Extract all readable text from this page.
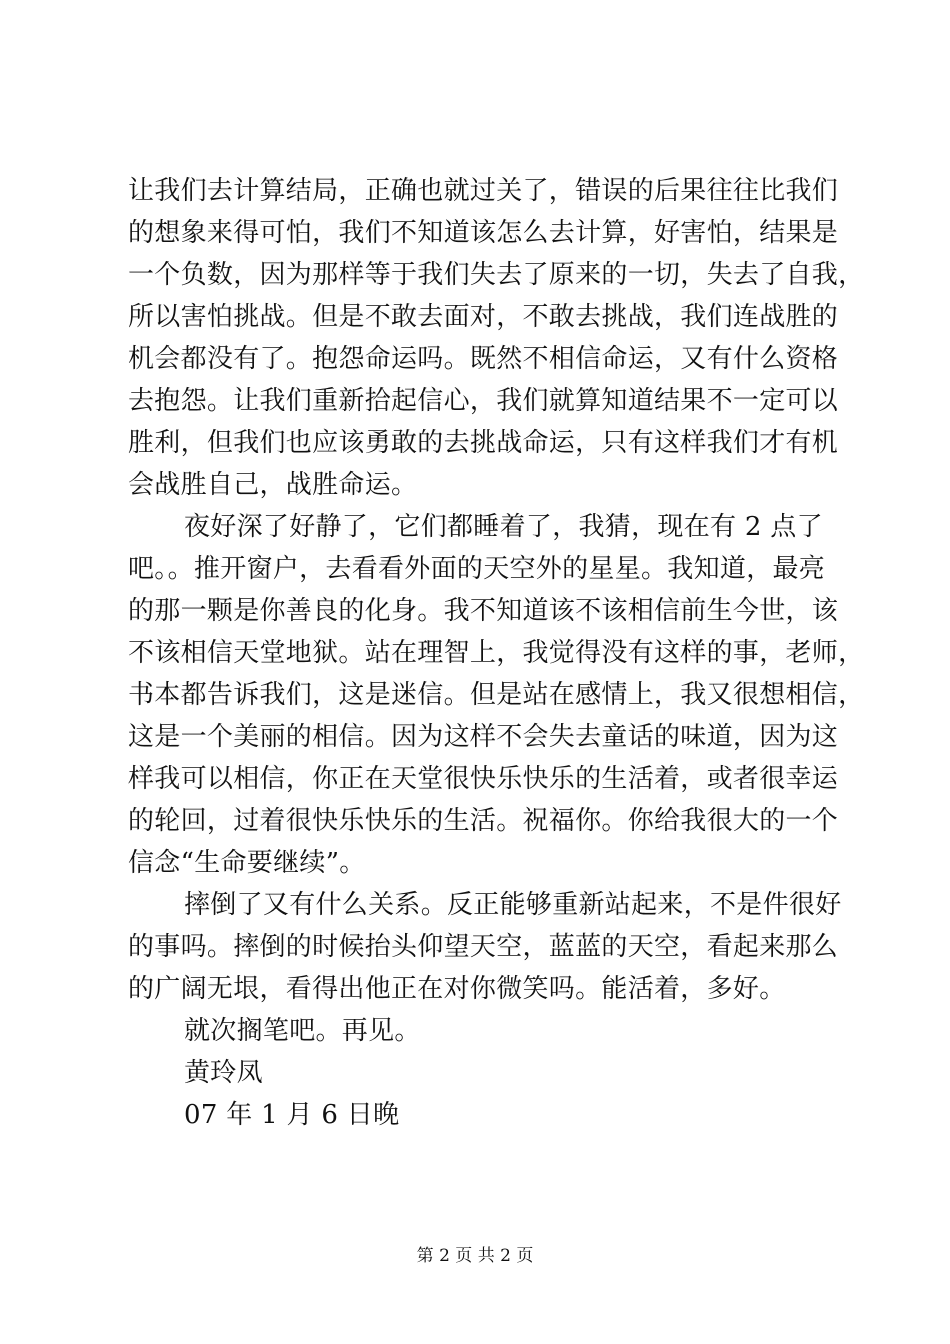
让我们去计算结局，正确也就过关了，错误的后果往往比我们
的想象来得可怕，我们不知道该怎么去计算，好害怕，结果是
一个负数，因为那样等于我们失去了原来的一切，失去了自我，
所以害怕挑战。但是不敢去面对，不敢去挑战，我们连战胜的
机会都没有了。抱怨命运吗。既然不相信命运，又有什么资格
去抱怨。让我们重新拾起信心，我们就算知道结果不一定可以
胜利，但我们也应该勇敢的去挑战命运，只有这样我们才有机
会战胜自己，战胜命运。
夜好深了好静了，它们都睡着了，我猜，现在有 2 点了
吧。。推开窗户，去看看外面的天空外的星星。我知道，最亮
的那一颗是你善良的化身。我不知道该不该相信前生今世，该
不该相信天堂地狱。站在理智上，我觉得没有这样的事，老师，
书本都告诉我们，这是迷信。但是站在感情上，我又很想相信，
这是一个美丽的相信。因为这样不会失去童话的味道，因为这
样我可以相信，你正在天堂很快乐快乐的生活着，或者很幸运
的轮回，过着很快乐快乐的生活。祝福你。你给我很大的一个
信念“生命要继续”。
摔倒了又有什么关系。反正能够重新站起来，不是件很好
的事吗。摔倒的时候抬头仰望天空，蓝蓝的天空，看起来那么
的广阔无垠，看得出他正在对你微笑吗。能活着，多好。
就次搁笔吧。再见。
黄玲凤
07 年 1 月 6 日晚
第 2 页 共 2 页
